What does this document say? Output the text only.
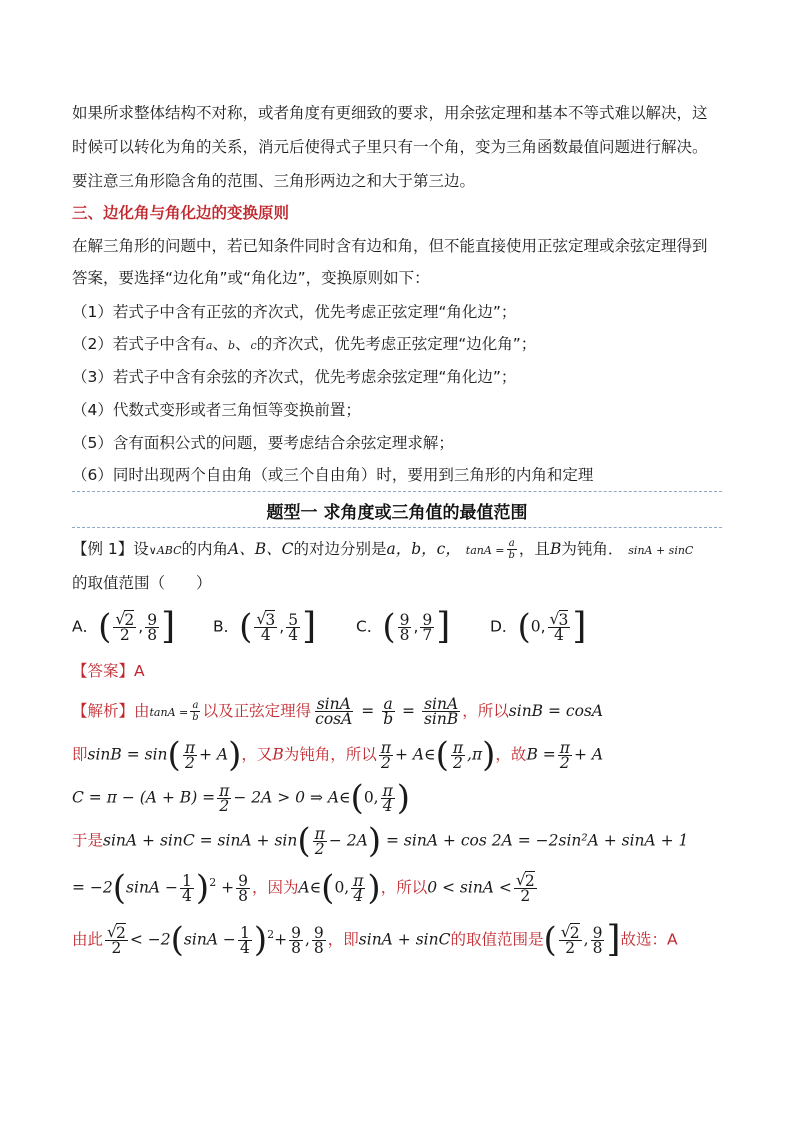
如果所求整体结构不对称，或者角度有更细致的要求，用余弦定理和基本不等式难以解决，这
时候可以转化为角的关系，消元后使得式子里只有一个角，变为三角函数最值问题进行解决。
要注意三角形隐含角的范围、三角形两边之和大于第三边。
三、边化角与角化边的变换原则
在解三角形的问题中，若已知条件同时含有边和角，但不能直接使用正弦定理或余弦定理得到
答案，要选择“边化角”或“角化边”，变换原则如下：
（1）若式子中含有正弦的齐次式，优先考虑正弦定理“角化边”；
（2）若式子中含有a、b、c的齐次式，优先考虑正弦定理“边化角”；
（3）若式子中含有余弦的齐次式，优先考虑余弦定理“角化边”；
（4）代数式变形或者三角恒等变换前置；
（5）含有面积公式的问题，要考虑结合余弦定理求解；
（6）同时出现两个自由角（或三个自由角）时，要用到三角形的内角和定理
题型一 求角度或三角值的最值范围
【例 1】设∨ABC的内角A、B、C的对边分别是a，b，c， $\tan A = \frac{a}{b}$ ，且B为钝角． sinA + sinC
的取值范围（　　）
A．( √ $\frac{2}{2}$ , $\frac{9}{8}$ ] B．( √ $\frac{3}{4}$ , $\frac{5}{4}$ ]	C．( $\frac{9}{8}$ , $\frac{9}{7}$ ]	D．(0, √ $\frac{3}{4}$ ]
【答案】A
【解析】由$\tan A = \frac{a}{b}$ 以及正弦定理得 $\frac{\sin A}{\cos A} = \frac{a}{b} = \frac{\sin A}{\sin B}$ ，所以sinB = cosA
即$\sin B = \sin( \frac{\pi}{2} + A)$，又B为钝角，所以 $\frac{\pi}{2}$ + A∈( $\frac{\pi}{2} ,\pi$)，故$B = \frac{\pi}{2} + A$
$C = \pi - (A + B) = \frac{\pi}{2} - 2A > 0$ ⇒ A∈(0, $\frac{\pi}{4}$ )
于是$\sin A + \sin C = \sin A + \sin( \frac{\pi}{2} - 2A) = \sin A + \cos 2A = -2\sin^2A + \sin A + 1$
= $-2(\sin A - \frac{1}{4} )^2 + \frac{9}{8}$ ，因为A∈(0, $\frac{\pi}{4}$ )，所以0 < sinA < √ $\frac{2}{2}$
由此 √ $\frac{2}{2} < -2(\sin A - \frac{1}{4} )^2+ \frac{9}{8}$ , $\frac{9}{8}$ ，即sinA + sinC的取值范围是( √ $\frac{2}{2}$ , $\frac{9}{8}$ ]故选：A
